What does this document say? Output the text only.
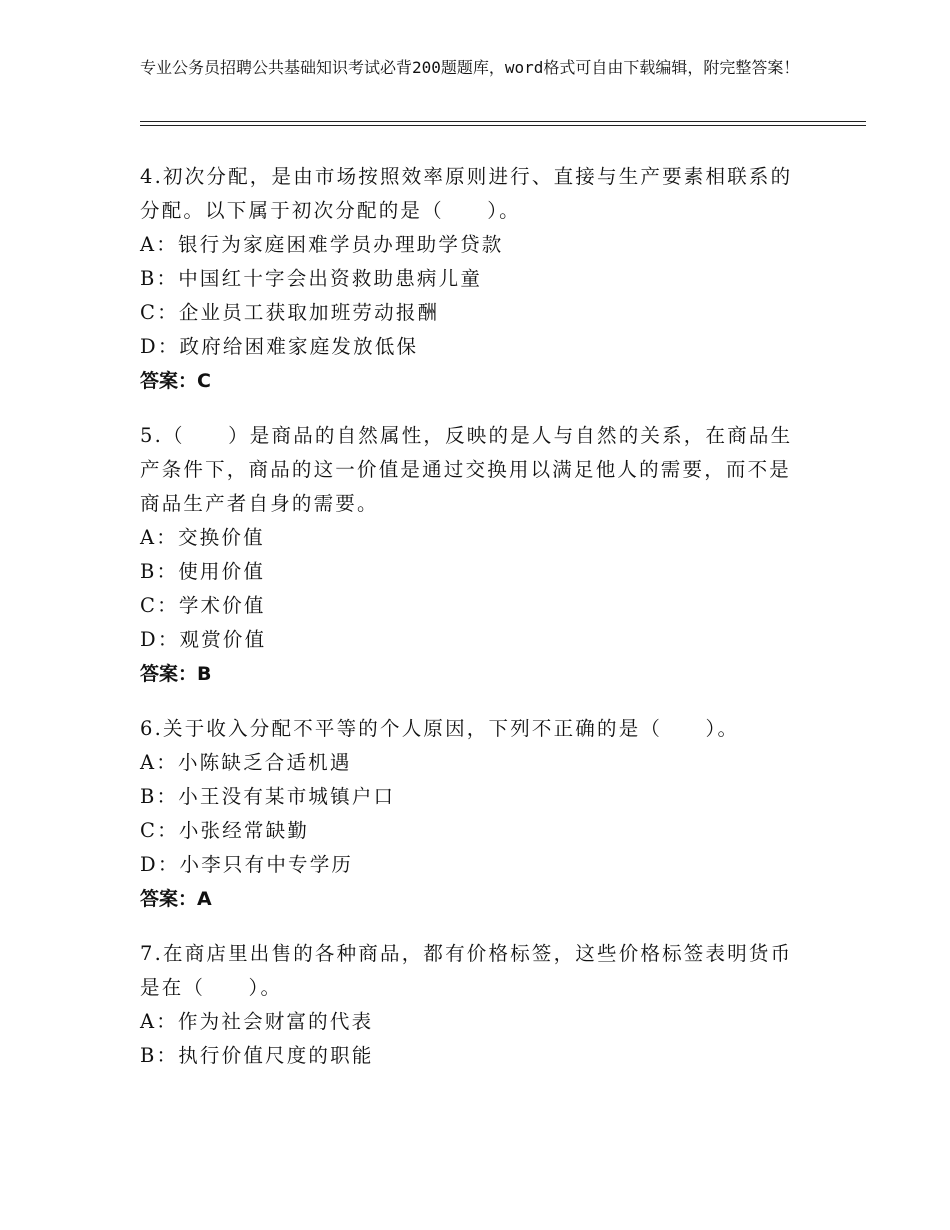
专业公务员招聘公共基础知识考试必背200题题库，word格式可自由下载编辑，附完整答案！
4.初次分配，是由市场按照效率原则进行、直接与生产要素相联系的分配。以下属于初次分配的是（　　）。
A：银行为家庭困难学员办理助学贷款
B：中国红十字会出资救助患病儿童
C：企业员工获取加班劳动报酬
D：政府给困难家庭发放低保
答案：C
5.（　　）是商品的自然属性，反映的是人与自然的关系，在商品生产条件下，商品的这一价值是通过交换用以满足他人的需要，而不是商品生产者自身的需要。
A：交换价值
B：使用价值
C：学术价值
D：观赏价值
答案：B
6.关于收入分配不平等的个人原因，下列不正确的是（　　）。
A：小陈缺乏合适机遇
B：小王没有某市城镇户口
C：小张经常缺勤
D：小李只有中专学历
答案：A
7.在商店里出售的各种商品，都有价格标签，这些价格标签表明货币是在（　　）。
A：作为社会财富的代表
B：执行价值尺度的职能
